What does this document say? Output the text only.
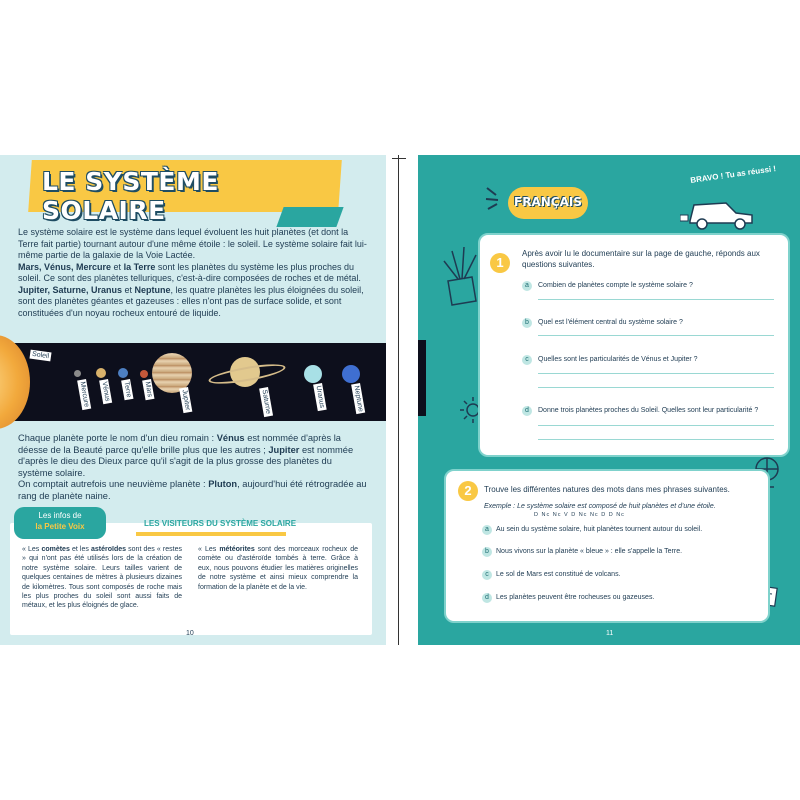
LE SYSTÈME SOLAIRE

Le système solaire est le système dans lequel évoluent les huit planètes (et dont la Terre fait partie) tournant autour d'une même étoile : le soleil. Le système solaire fait lui-même partie de la galaxie de la Voie Lactée.

Mars, Vénus, Mercure et la Terre sont les planètes du système les plus proches du soleil. Ce sont des planètes telluriques, c'est-à-dire composées de roches et de métal.

Jupiter, Saturne, Uranus et Neptune, les quatre planètes les plus éloignées du soleil, sont des planètes géantes et gazeuses : elles n'ont pas de surface solide, et sont constituées d'un noyau rocheux entouré de liquide.

Soleil
Mercure Vénus Terre Mars	Jupiter	Saturne	Uranus	Neptune

Chaque planète porte le nom d'un dieu romain : Vénus est nommée d'après la déesse de la Beauté parce qu'elle brille plus que les autres ; Jupiter est nommée d'après le dieu des Dieux parce qu'il s'agit de la plus grosse des planètes du système solaire.

On comptait autrefois une neuvième planète : Pluton, aujourd'hui été rétrogradée au rang de planète naine.

Les infos de
la Petite Voix	LES VISITEURS DU SYSTÈME SOLAIRE
« Les comètes et les astéroïdes sont des « restes » qui n'ont pas été utilisés lors de la création de notre système solaire. Leurs tailles varient de quelques centaines de mètres à plusieurs dizaines de kilomètres. Tous sont composés de roche mais les plus proches du soleil sont aussi faits de métaux, et les plus éloignés de glace.
« Les météorites sont des morceaux rocheux de comète ou d'astéroïde tombés à terre. Grâce à eux, nous pouvons étudier les matières originelles de notre système et ainsi mieux comprendre la formation de la planète et de la vie.
10
FRANÇAIS
BRAVO ! Tu as réussi !
1
Après avoir lu le documentaire sur la page de gauche, réponds aux questions suivantes.
a	Combien de planètes compte le système solaire ?
b	Quel est l'élément central du système solaire ?
c	Quelles sont les particularités de Vénus et Jupiter ?
d	Donne trois planètes proches du Soleil. Quelles sont leur particularité ?
2	Trouve les différentes natures des mots dans mes phrases suivantes.
Exemple : Le système solaire est composé de huit planètes et d'une étoile.
D Nc Nc V D Nc Nc D D Nc
a	Au sein du système solaire, huit planètes tournent autour du soleil.
b	Nous vivons sur la planète « bleue » : elle s'appelle la Terre.
c	Le sol de Mars est constitué de volcans.
d	Les planètes peuvent être rocheuses ou gazeuses.
11
